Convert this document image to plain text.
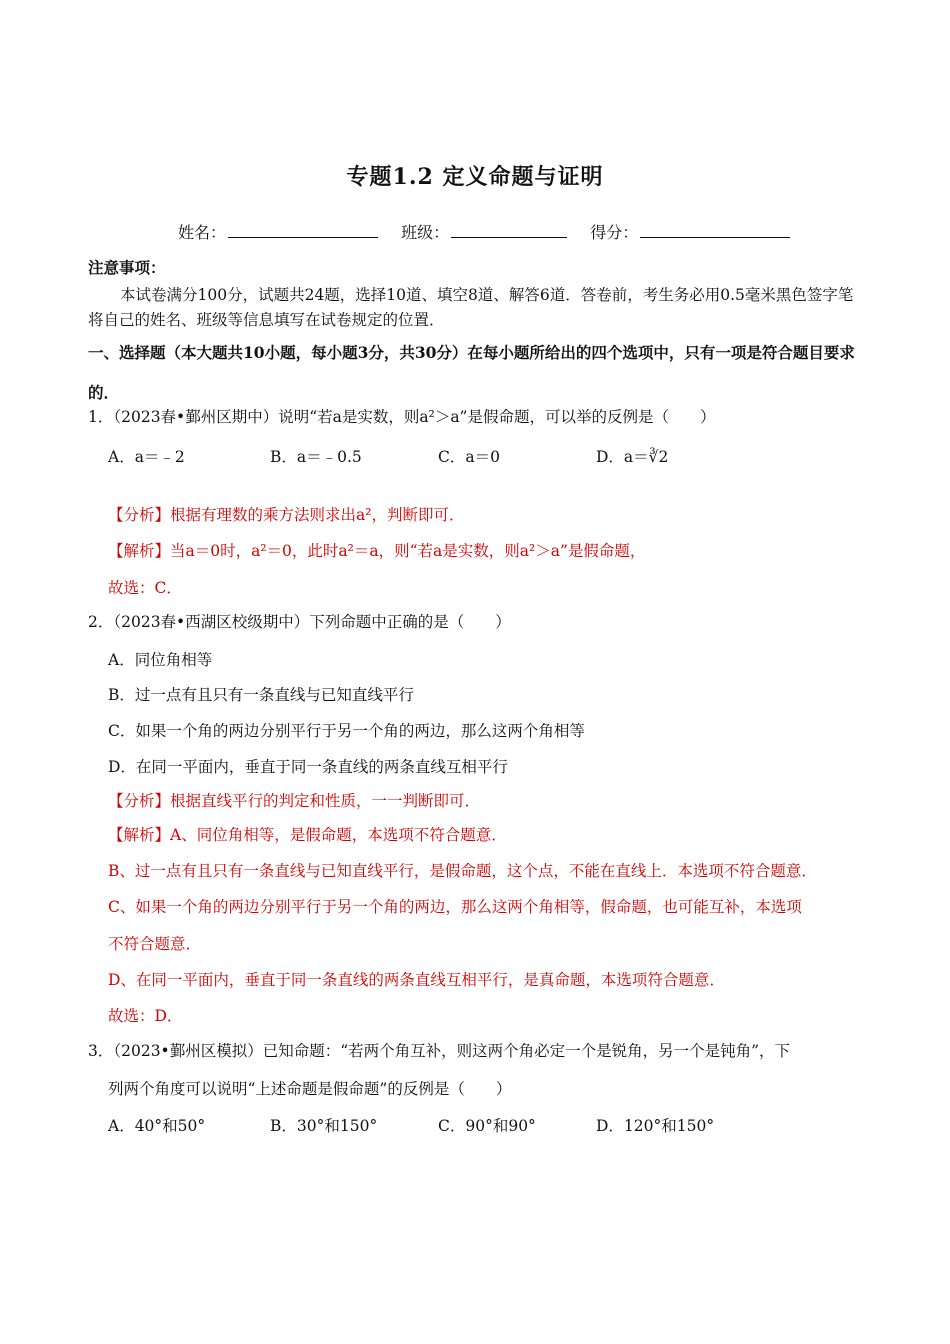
专题1.2 定义命题与证明
姓名：	班级：	得分：
注意事项：
本试卷满分100分，试题共24题，选择10道、填空8道、解答6道．答卷前，考生务必用0.5毫米黑色签字笔将自己的姓名、班级等信息填写在试卷规定的位置．
一、选择题（本大题共10小题，每小题3分，共30分）在每小题所给出的四个选项中，只有一项是符合题目要求的．
1．（2023春•鄞州区期中）说明“若a是实数，则a²＞a”是假命题，可以举的反例是（　　）
A．a＝﹣2	B．a＝﹣0.5	C．a＝0	D．a＝∛2
【分析】根据有理数的乘方法则求出a²，判断即可．
【解析】当a＝0时，a²＝0，此时a²＝a，则“若a是实数，则a²＞a”是假命题，
故选：C．
2．（2023春•西湖区校级期中）下列命题中正确的是（　　）
A．同位角相等
B．过一点有且只有一条直线与已知直线平行
C．如果一个角的两边分别平行于另一个角的两边，那么这两个角相等
D．在同一平面内，垂直于同一条直线的两条直线互相平行
【分析】根据直线平行的判定和性质，一一判断即可．
【解析】A、同位角相等，是假命题，本选项不符合题意．
B、过一点有且只有一条直线与已知直线平行，是假命题，这个点，不能在直线上．本选项不符合题意．
C、如果一个角的两边分别平行于另一个角的两边，那么这两个角相等，假命题，也可能互补，本选项
不符合题意．
D、在同一平面内，垂直于同一条直线的两条直线互相平行，是真命题，本选项符合题意．
故选：D．
3．（2023•鄞州区模拟）已知命题：“若两个角互补，则这两个角必定一个是锐角，另一个是钝角”，下
列两个角度可以说明“上述命题是假命题”的反例是（　　）
A．40°和50°	B．30°和150°	C．90°和90°	D．120°和150°
